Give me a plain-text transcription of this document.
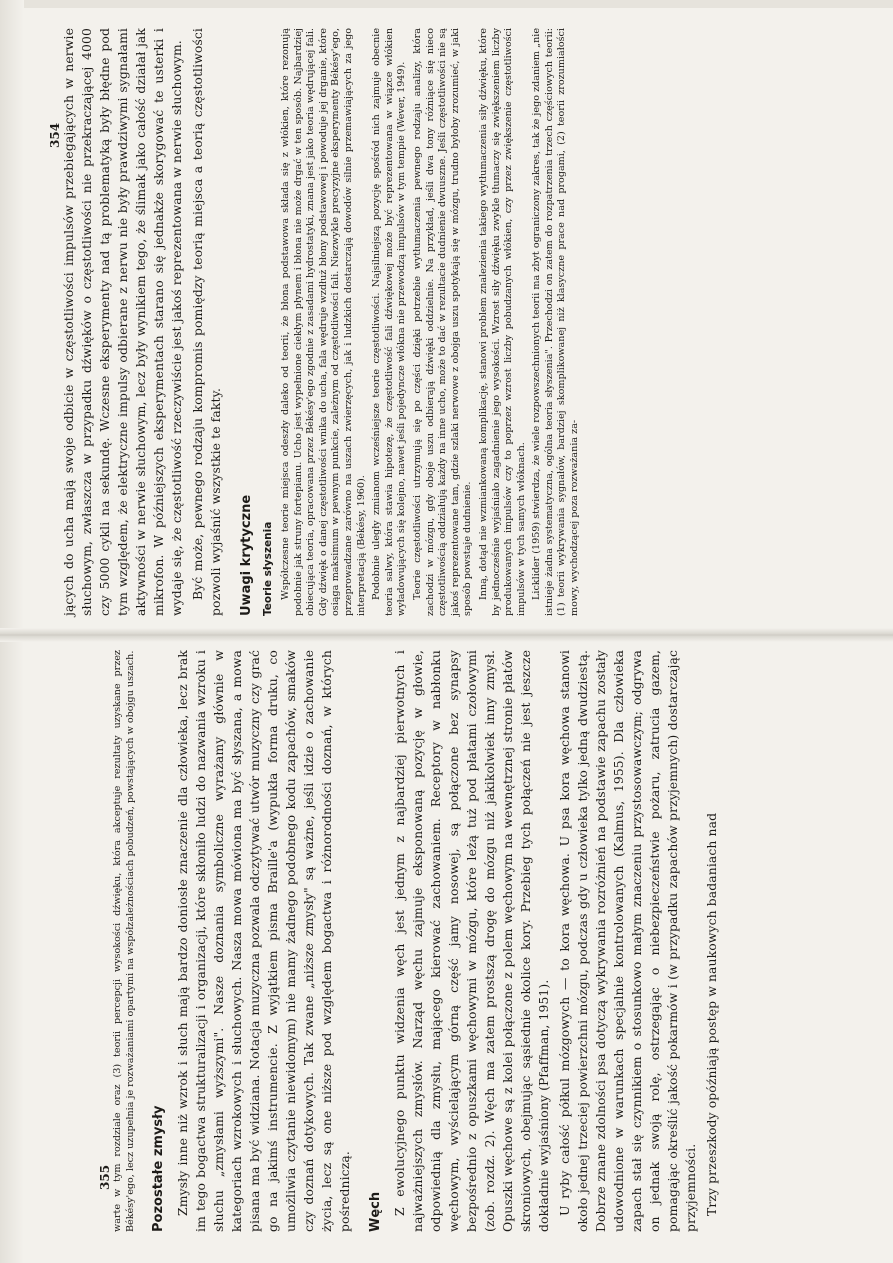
jących do ucha mają swoje odbicie w częstotliwości impulsów przebiegających w nerwie słuchowym, zwłaszcza w przypadku dźwięków o częstotliwości nie przekraczającej 4000 czy 5000 cykli na sekundę. Wczesne eksperymenty nad tą problematyką były błędne pod tym względem, że elektryczne impulsy odbierane z nerwu nie były prawdziwymi sygnałami aktywności w nerwie słuchowym, lecz były wynikiem tego, że ślimak jako całość działał jak mikrofon. W późniejszych eksperymentach starano się jednakże skorygować te usterki i wydaje się, że częstotliwość rzeczywiście jest jakoś reprezentowana w nerwie słuchowym. Być może, pewnego rodzaju kompromis pomiędzy teorią miejsca a teorią częstotliwości pozwoli wyjaśnić wszystkie te fakty. Uwagi krytyczne Teorie słyszenia Współczesne teorie miejsca odeszły daleko od teorii, że błona podstawowa składa się z włókien, które rezonują podobnie jak struny fortepianu. Ucho jest wypełnione ciekłym płynem i błona nie może drgać w ten sposób. Najbardziej obiecująca teoria, opracowana przez Békésy'ego zgodnie z zasadami hydrostatyki, znana jest jako teoria wędrującej fali. Gdy dźwięk o danej częstotliwości wnika do ucha, fala wędruje wzdłuż błony podstawowej i powoduje jej drganie, które osiąga maksimum w pewnym punkcie, zależnym od częstotliwości fali. Niezwykle precyzyjne eksperymenty Békésy'ego, przeprowadzane zarówno na uszach zwierzęcych, jak i ludzkich dostarczają dowodów silnie przemawiających za jego interpretacją (Békésy, 1960). Podobnie uległy zmianom wcześniejsze teorie częstotliwości. Najsilniejszą pozycję spośród nich zajmuje obecnie teoria salwy, która stawia hipotezę, że częstotliwość fali dźwiękowej może być reprezentowana w wiązce włókien wyładowujących się kolejno, nawet jeśli pojedyncze włókna nie przewodzą impulsów w tym tempie (Wever, 1949). Teorie częstotliwości utrzymują się po części dzięki potrzebie wytłumaczenia pewnego rodzaju analizy, która zachodzi w mózgu, gdy oboje uszu odbierają dźwięki oddzielnie. Na przykład, jeśli dwa tony różniące się nieco częstotliwością oddziałują każdy na inne ucho, może to dać w rezultacie dudnienie dwuuszne. Jeśli częstotliwości nie są jakoś reprezentowane tam, gdzie szlaki nerwowe z obojga uszu spotykają się w mózgu, trudno byłoby zrozumieć, w jaki sposób powstaje dudnienie. Inną, dotąd nie wzmiankowaną komplikację, stanowi problem znalezienia takiego wytłumaczenia siły dźwięku, które by jednocześnie wyjaśniało zagadnienie jego wysokości. Wzrost siły dźwięku zwykle tłumaczy się zwiększeniem liczby produkowanych impulsów czy to poprzez wzrost liczby pobudzanych włókien, czy przez zwiększenie częstotliwości impulsów w tych samych włóknach. Licklider (1959) stwierdza, że wiele rozpowszechnionych teorii ma zbyt ograniczony zakres, tak że jego zdaniem „nie istnieje żadna systematyczna, ogólna teoria słyszenia". Przechodzi on zatem do rozpatrzenia trzech częściowych teorii: (1) teorii wykrywania sygnałów, bardziej skomplikowanej niż klasyczne prace nad progami, (2) teorii zrozumiałości mowy, wychodzącej poza rozważania za-

354

warte w tym rozdziale oraz (3) teorii percepcji wysokości dźwięku, która akceptuje rezultaty uzyskane przez Békésy'ego, lecz uzupełnia je rozważaniami opartymi na współzależnościach pobudzeń, powstających w obojgu uszach. Pozostałe zmysły Zmysły inne niż wzrok i słuch mają bardzo doniosłe znaczenie dla człowieka, lecz brak im tego bogactwa strukturalizacji i organizacji, które skłoniło ludzi do nazwania wzroku i słuchu „zmysłami wyższymi". Nasze doznania symboliczne wyrażamy głównie w kategoriach wzrokowych i słuchowych. Nasza mowa mówiona ma być słyszana, a mowa pisana ma być widziana. Notacja muzyczna pozwala odczytywać utwór muzyczny czy grać go na jakimś instrumencie. Z wyjątkiem pisma Braille'a (wypukła forma druku, co umożliwia czytanie niewidomym) nie mamy żadnego podobnego kodu zapachów, smaków czy doznań dotykowych. Tak zwane „niższe zmysły" są ważne, jeśli idzie o zachowanie życia, lecz są one niższe pod względem bogactwa i różnorodności doznań, w których pośredniczą. Węch Z ewolucyjnego punktu widzenia węch jest jednym z najbardziej pierwotnych i najważniejszych zmysłów. Narząd węchu zajmuje eksponowaną pozycję w głowie, odpowiednią dla zmysłu, mającego kierować zachowaniem. Receptory w nabłonku węchowym, wyścielającym górną część jamy nosowej, są połączone bez synapsy bezpośrednio z opuszkami węchowymi w mózgu, które leżą tuż pod płatami czołowymi (zob. rozdz. 2). Węch ma zatem prostszą drogę do mózgu niż jakikolwiek inny zmysł. Opuszki węchowe są z kolei połączone z polem węchowym na wewnętrznej stronie płatów skroniowych, obejmując sąsiednie okolice kory. Przebieg tych połączeń nie jest jeszcze dokładnie wyjaśniony (Pfaffman, 1951). U ryby całość półkul mózgowych — to kora węchowa. U psa kora węchowa stanowi około jednej trzeciej powierzchni mózgu, podczas gdy u człowieka tylko jedną dwudziestą. Dobrze znane zdolności psa dotyczą wykrywania rozróżnień na podstawie zapachu zostały udowodnione w warunkach specjalnie kontrolowanych (Kalmus, 1955). Dla człowieka zapach stał się czynnikiem o stosunkowo małym znaczeniu przystosowawczym; odgrywa on jednak swoją rolę, ostrzegając o niebezpieczeństwie pożaru, zatrucia gazem, pomagając określić jakość pokarmów i (w przypadku zapachów przyjemnych) dostarczając przyjemności. Trzy przeszkody opóźniają postęp w naukowych badaniach nad

355
